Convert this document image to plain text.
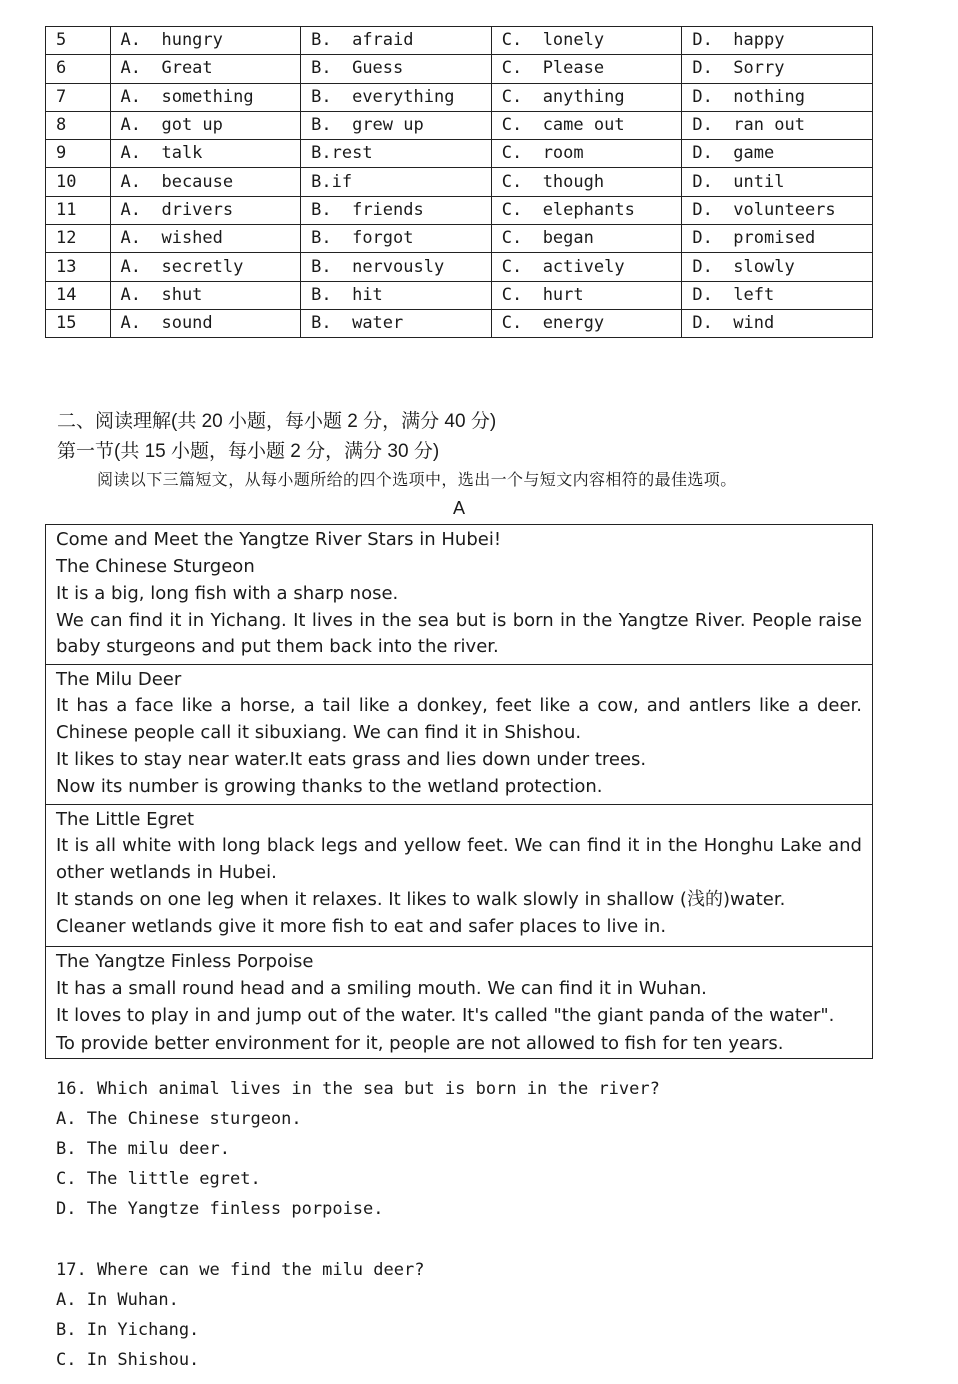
5	A.  hungry	B.  afraid	C.  lonely	D.  happy
6	A.  Great	B.  Guess	C.  Please	D.  Sorry
7	A.  something	B.  everything	C.  anything	D.  nothing
8	A.  got up	B.  grew up	C.  came out	D.  ran out
9	A.  talk	B.rest	C.  room	D.  game
10	A.  because	B.if	C.  though	D.  until
11	A.  drivers	B.  friends	C.  elephants	D.  volunteers
12	A.  wished	B.  forgot	C.  began	D.  promised
13	A.  secretly	B.  nervously	C.  actively	D.  slowly
14	A.  shut	B.  hit	C.  hurt	D.  left
15	A.  sound	B.  water	C.  energy	D.  wind
二、阅读理解(共 20 小题，每小题 2 分，满分 40 分)
第一节(共 15 小题，每小题 2 分，满分 30 分)
阅读以下三篇短文，从每小题所给的四个选项中，选出一个与短文内容相符的最佳选项。
A
Come and Meet the Yangtze River Stars in Hubei!
The Chinese Sturgeon
It is a big, long fish with a sharp nose.
We can find it in Yichang. It lives in the sea but is born in the Yangtze River. People raise baby sturgeons and put them back into the river.
The Milu Deer
It has a face like a horse, a tail like a donkey, feet like a cow, and antlers like a deer. Chinese people call it sibuxiang. We can find it in Shishou.
It likes to stay near water.It eats grass and lies down under trees.
Now its number is growing thanks to the wetland protection.
The Little Egret
It is all white with long black legs and yellow feet. We can find it in the Honghu Lake and other wetlands in Hubei.
It stands on one leg when it relaxes. It likes to walk slowly in shallow (浅的)water.
Cleaner wetlands give it more fish to eat and safer places to live in.
The Yangtze Finless Porpoise
It has a small round head and a smiling mouth. We can find it in Wuhan.
It loves to play in and jump out of the water. It's called "the giant panda of the water".
To provide better environment for it, people are not allowed to fish for ten years.
16. Which animal lives in the sea but is born in the river?
A. The Chinese sturgeon.
B. The milu deer.
C. The little egret.
D. The Yangtze finless porpoise.
17. Where can we find the milu deer?
A. In Wuhan.
B. In Yichang.
C. In Shishou.
